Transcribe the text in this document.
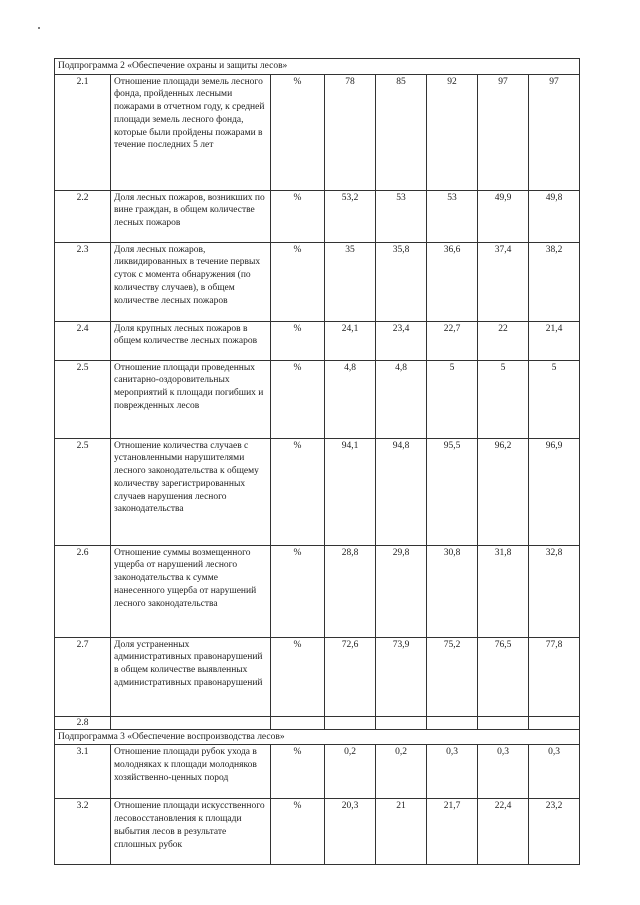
Подпрограмма 2 «Обеспечение охраны и защиты лесов»							
2.1	Отношение площади земель лесного фонда, пройденных лесными пожарами в отчетном году, к средней площади земель лесного фонда, которые были пройдены пожарами в течение последних 5 лет	%	78	85	92	97	97
2.2	Доля лесных пожаров, возникших по вине граждан, в общем количестве лесных пожаров	%	53,2	53	53	49,9	49,8
2.3	Доля лесных пожаров, ликвидированных в течение первых суток с момента обнаружения (по количеству случаев), в общем количестве лесных пожаров	%	35	35,8	36,6	37,4	38,2
2.4	Доля крупных лесных пожаров в общем количестве лесных пожаров	%	24,1	23,4	22,7	22	21,4
2.5	Отношение площади проведенных санитарно-оздоровительных мероприятий к площади погибших и поврежденных лесов	%	4,8	4,8	5	5	5
2.5	Отношение количества случаев с установленными нарушителями лесного законодательства к общему количеству зарегистрированных случаев нарушения лесного законодательства	%	94,1	94,8	95,5	96,2	96,9
2.6	Отношение суммы возмещенного ущерба от нарушений лесного законодательства к сумме нанесенного ущерба от нарушений лесного законодательства	%	28,8	29,8	30,8	31,8	32,8
2.7	Доля устраненных административных правонарушений в общем количестве выявленных административных правонарушений	%	72,6	73,9	75,2	76,5	77,8
2.8							
Подпрограмма 3 «Обеспечение воспроизводства лесов»							
3.1	Отношение площади рубок ухода в молодняках к площади молодняков хозяйственно-ценных пород	%	0,2	0,2	0,3	0,3	0,3
3.2	Отношение площади искусственного лесовосстановления к площади выбытия лесов в результате сплошных рубок	%	20,3	21	21,7	22,4	23,2
